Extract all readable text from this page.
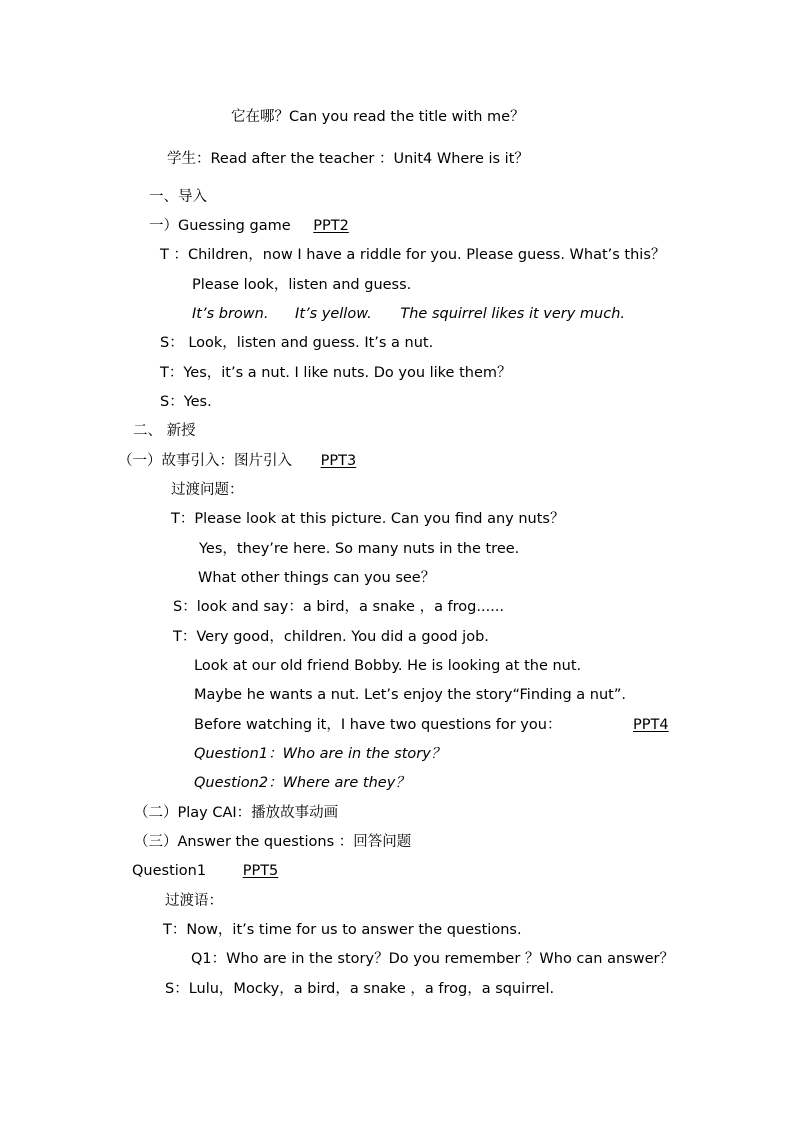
它在哪？Can you read the title with me？
学生：Read after the teacher ：Unit4 Where is it？
一、导入
一）Guessing game PPT2
T ：Children，now I have a riddle for you. Please guess. What’s this？
Please look，listen and guess.
It’s brown. It’s yellow. The squirrel likes it very much.
S： Look，listen and guess. It’s a nut.
T：Yes，it’s a nut. I like nuts. Do you like them？
S：Yes.
二、 新授
（一）故事引入：图片引入 PPT3
过渡问题：
T：Please look at this picture. Can you find any nuts？
Yes，they’re here. So many nuts in the tree.
What other things can you see？
S：look and say：a bird，a snake ，a frog......
T：Very good，children. You did a good job.
Look at our old friend Bobby. He is looking at the nut.
Maybe he wants a nut. Let’s enjoy the story“Finding a nut”.
Before watching it，I have two questions for you：	PPT4
Question1：Who are in the story？
Question2：Where are they？
（二）Play CAI：播放故事动画
（三）Answer the questions ：回答问题
Question1	PPT5
过渡语：
T：Now，it’s time for us to answer the questions.
Q1：Who are in the story？Do you remember ？Who can answer？
S：Lulu，Mocky，a bird，a snake ，a frog，a squirrel.
